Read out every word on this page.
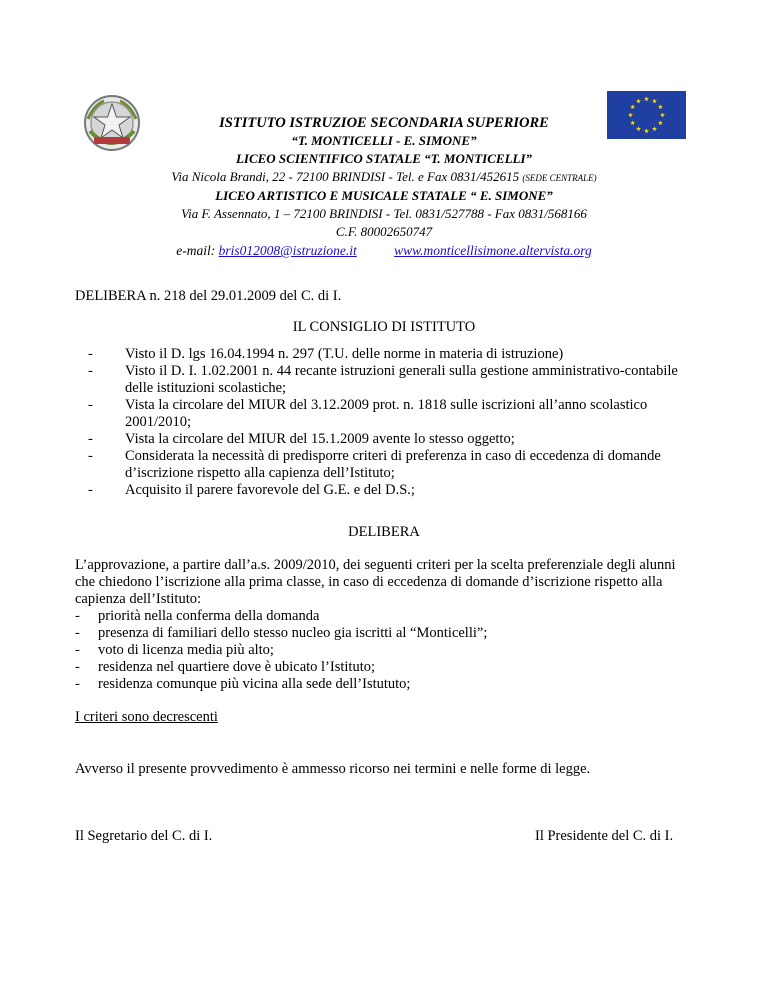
ISTITUTO ISTRUZIOE SECONDARIA SUPERIORE
“T. MONTICELLI - E. SIMONE”
LICEO SCIENTIFICO STATALE “T. MONTICELLI”
Via Nicola Brandi, 22 - 72100 BRINDISI - Tel. e Fax 0831/452615 (SEDE CENTRALE)
LICEO ARTISTICO E MUSICALE STATALE “ E. SIMONE”
Via F. Assennato, 1 – 72100 BRINDISI - Tel. 0831/527788 - Fax 0831/568166
C.F. 80002650747
e-mail: bris012008@istruzione.it	www.monticellisimone.altervista.org
DELIBERA n. 218 del 29.01.2009 del C. di I.
IL CONSIGLIO DI ISTITUTO
- Visto il D. lgs 16.04.1994 n. 297 (T.U. delle norme in materia di istruzione)
- Visto il D. I. 1.02.2001 n. 44 recante istruzioni generali sulla gestione amministrativo-contabile delle istituzioni scolastiche;
- Vista la circolare del MIUR del 3.12.2009 prot. n. 1818 sulle iscrizioni all’anno scolastico 2001/2010;
- Vista la circolare del MIUR del 15.1.2009 avente lo stesso oggetto;
- Considerata la necessità di predisporre criteri di preferenza in caso di eccedenza di domande d’iscrizione rispetto alla capienza dell’Istituto;
- Acquisito il parere favorevole del G.E. e del D.S.;
DELIBERA
L’approvazione, a partire dall’a.s. 2009/2010, dei seguenti criteri per la scelta preferenziale degli alunni che chiedono l’iscrizione alla prima classe, in caso di eccedenza di domande d’iscrizione rispetto alla capienza dell’Istituto:
- priorità nella conferma della domanda
- presenza di familiari dello stesso nucleo gia iscritti al “Monticelli”;
- voto di licenza media più alto;
- residenza nel quartiere dove è ubicato l’Istituto;
- residenza comunque più vicina alla sede dell’Istututo;
I criteri sono decrescenti
Avverso il presente provvedimento è ammesso ricorso nei termini e nelle forme di legge.
Il Segretario del C. di I.	Il Presidente del C. di I.
